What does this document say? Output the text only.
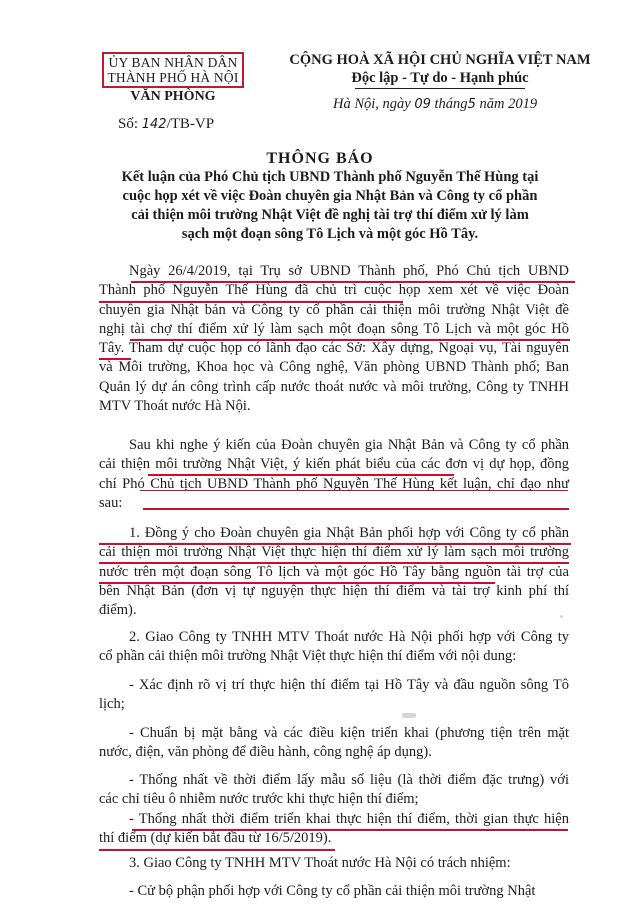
ỦY BAN NHÂN DÂN
THÀNH PHỐ HÀ NỘI
VĂN PHÒNG
Số: 142/TB-VP
CỘNG HOÀ XÃ HỘI CHỦ NGHĨA VIỆT NAM
Độc lập - Tự do - Hạnh phúc
Hà Nội, ngày 09 tháng5 năm 2019
THÔNG BÁO
Kết luận của Phó Chủ tịch UBND Thành phố Nguyễn Thế Hùng tại
cuộc họp xét về việc Đoàn chuyên gia Nhật Bản và Công ty cổ phần
cải thiện môi trường Nhật Việt đề nghị tài trợ thí điểm xử lý làm
sạch một đoạn sông Tô Lịch và một góc Hồ Tây.
Ngày 26/4/2019, tại Trụ sở UBND Thành phố, Phó Chủ tịch UBND
Thành phố Nguyễn Thế Hùng đã chủ trì cuộc họp xem xét về việc Đoàn
chuyên gia Nhật bản và Công ty cổ phần cải thiện môi trường Nhật Việt đề
nghị tài chợ thí điểm xử lý làm sạch một đoạn sông Tô Lịch và một góc Hồ
Tây. Tham dự cuộc họp có lãnh đạo các Sở: Xây dựng, Ngoại vụ, Tài nguyên
và Môi trường, Khoa học và Công nghệ, Văn phòng UBND Thành phố; Ban
Quản lý dự án công trình cấp nước thoát nước và môi trường, Công ty TNHH
MTV Thoát nước Hà Nội.
Sau khi nghe ý kiến của Đoàn chuyên gia Nhật Bản và Công ty cổ phần
cải thiện môi trường Nhật Việt, ý kiến phát biểu của các đơn vị dự họp, đồng
chí Phó Chủ tịch UBND Thành phố Nguyễn Thế Hùng kết luận, chỉ đạo như
sau:
1. Đồng ý cho Đoàn chuyên gia Nhật Bản phối hợp với Công ty cổ phần
cải thiện môi trường Nhật Việt thực hiện thí điểm xử lý làm sạch môi trường
nước trên một đoạn sông Tô lịch và một góc Hồ Tây bằng nguồn tài trợ của
bên Nhật Bản (đơn vị tự nguyện thực hiện thí điểm và tài trợ kinh phí thí
điểm).
2. Giao Công ty TNHH MTV Thoát nước Hà Nội phối hợp với Công ty
cổ phần cải thiện môi trường Nhật Việt thực hiện thí điểm với nội dung:
- Xác định rõ vị trí thực hiện thí điểm tại Hồ Tây và đầu nguồn sông Tô
lịch;
- Chuẩn bị mặt bằng và các điều kiện triển khai (phương tiện trên mặt
nước, điện, văn phòng để điều hành, công nghệ áp dụng).
- Thống nhất về thời điểm lấy mẫu số liệu (là thời điểm đặc trưng) với
các chỉ tiêu ô nhiễm nước trước khi thực hiện thí điểm;
- Thống nhất thời điểm triển khai thực hiện thí điểm, thời gian thực hiện
thí điểm (dự kiến bắt đầu từ 16/5/2019).
3. Giao Công ty TNHH MTV Thoát nước Hà Nội có trách nhiệm:
- Cử bộ phận phối hợp với Công ty cổ phần cải thiện môi trường Nhật
